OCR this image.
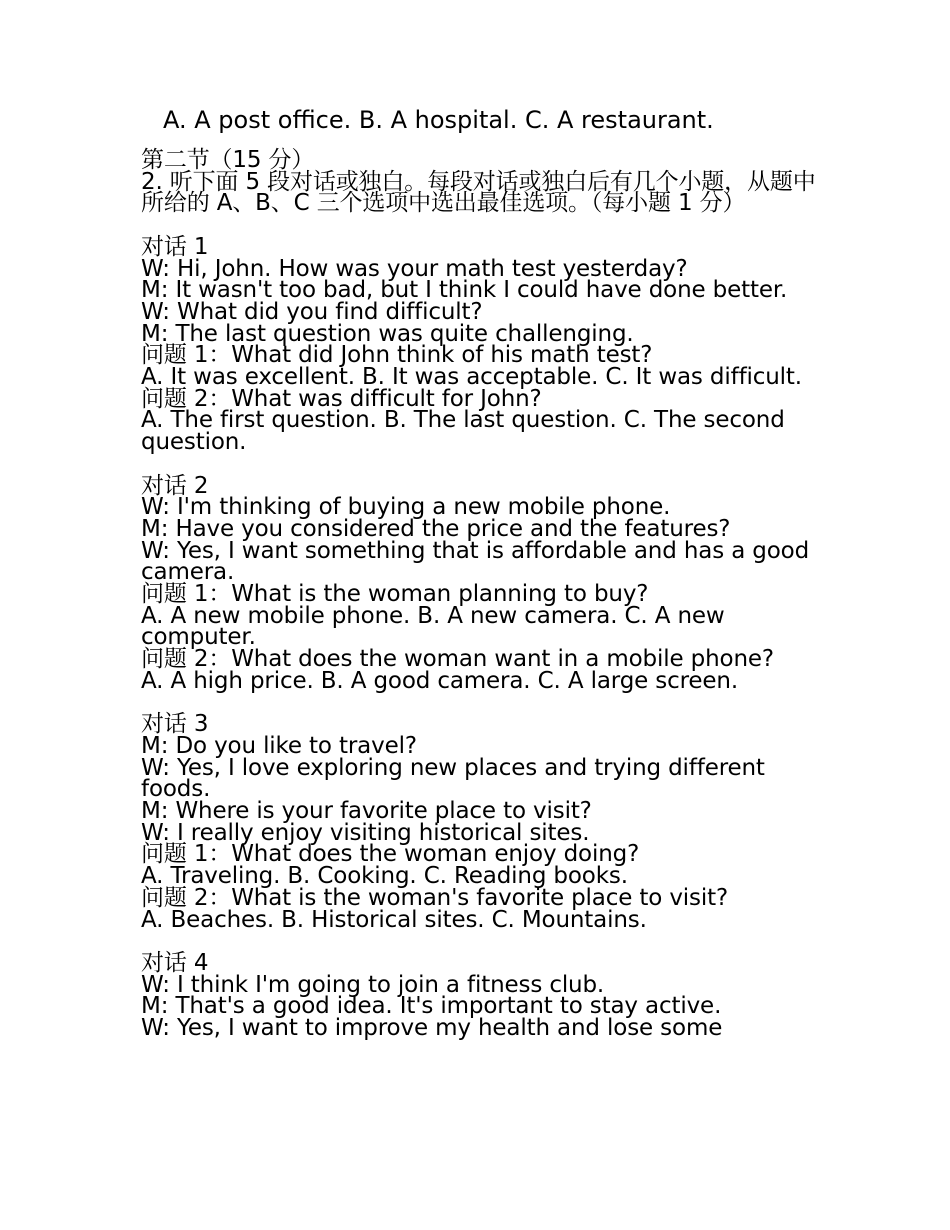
A. A post office. B. A hospital. C. A restaurant.
第二节（15 分）
2. 听下面 5 段对话或独白。每段对话或独白后有几个小题，从题中所给的 A、B、C 三个选项中选出最佳选项。（每小题 1 分）
对话 1
W: Hi, John. How was your math test yesterday?
M: It wasn't too bad, but I think I could have done better.
W: What did you find difficult?
M: The last question was quite challenging.
问题 1：What did John think of his math test?
A. It was excellent. B. It was acceptable. C. It was difficult.
问题 2：What was difficult for John?
A. The first question. B. The last question. C. The second question.
对话 2
W: I'm thinking of buying a new mobile phone.
M: Have you considered the price and the features?
W: Yes, I want something that is affordable and has a good camera.
问题 1：What is the woman planning to buy?
A. A new mobile phone. B. A new camera. C. A new computer.
问题 2：What does the woman want in a mobile phone?
A. A high price. B. A good camera. C. A large screen.
对话 3
M: Do you like to travel?
W: Yes, I love exploring new places and trying different foods.
M: Where is your favorite place to visit?
W: I really enjoy visiting historical sites.
问题 1：What does the woman enjoy doing?
A. Traveling. B. Cooking. C. Reading books.
问题 2：What is the woman's favorite place to visit?
A. Beaches. B. Historical sites. C. Mountains.
对话 4
W: I think I'm going to join a fitness club.
M: That's a good idea. It's important to stay active.
W: Yes, I want to improve my health and lose some
